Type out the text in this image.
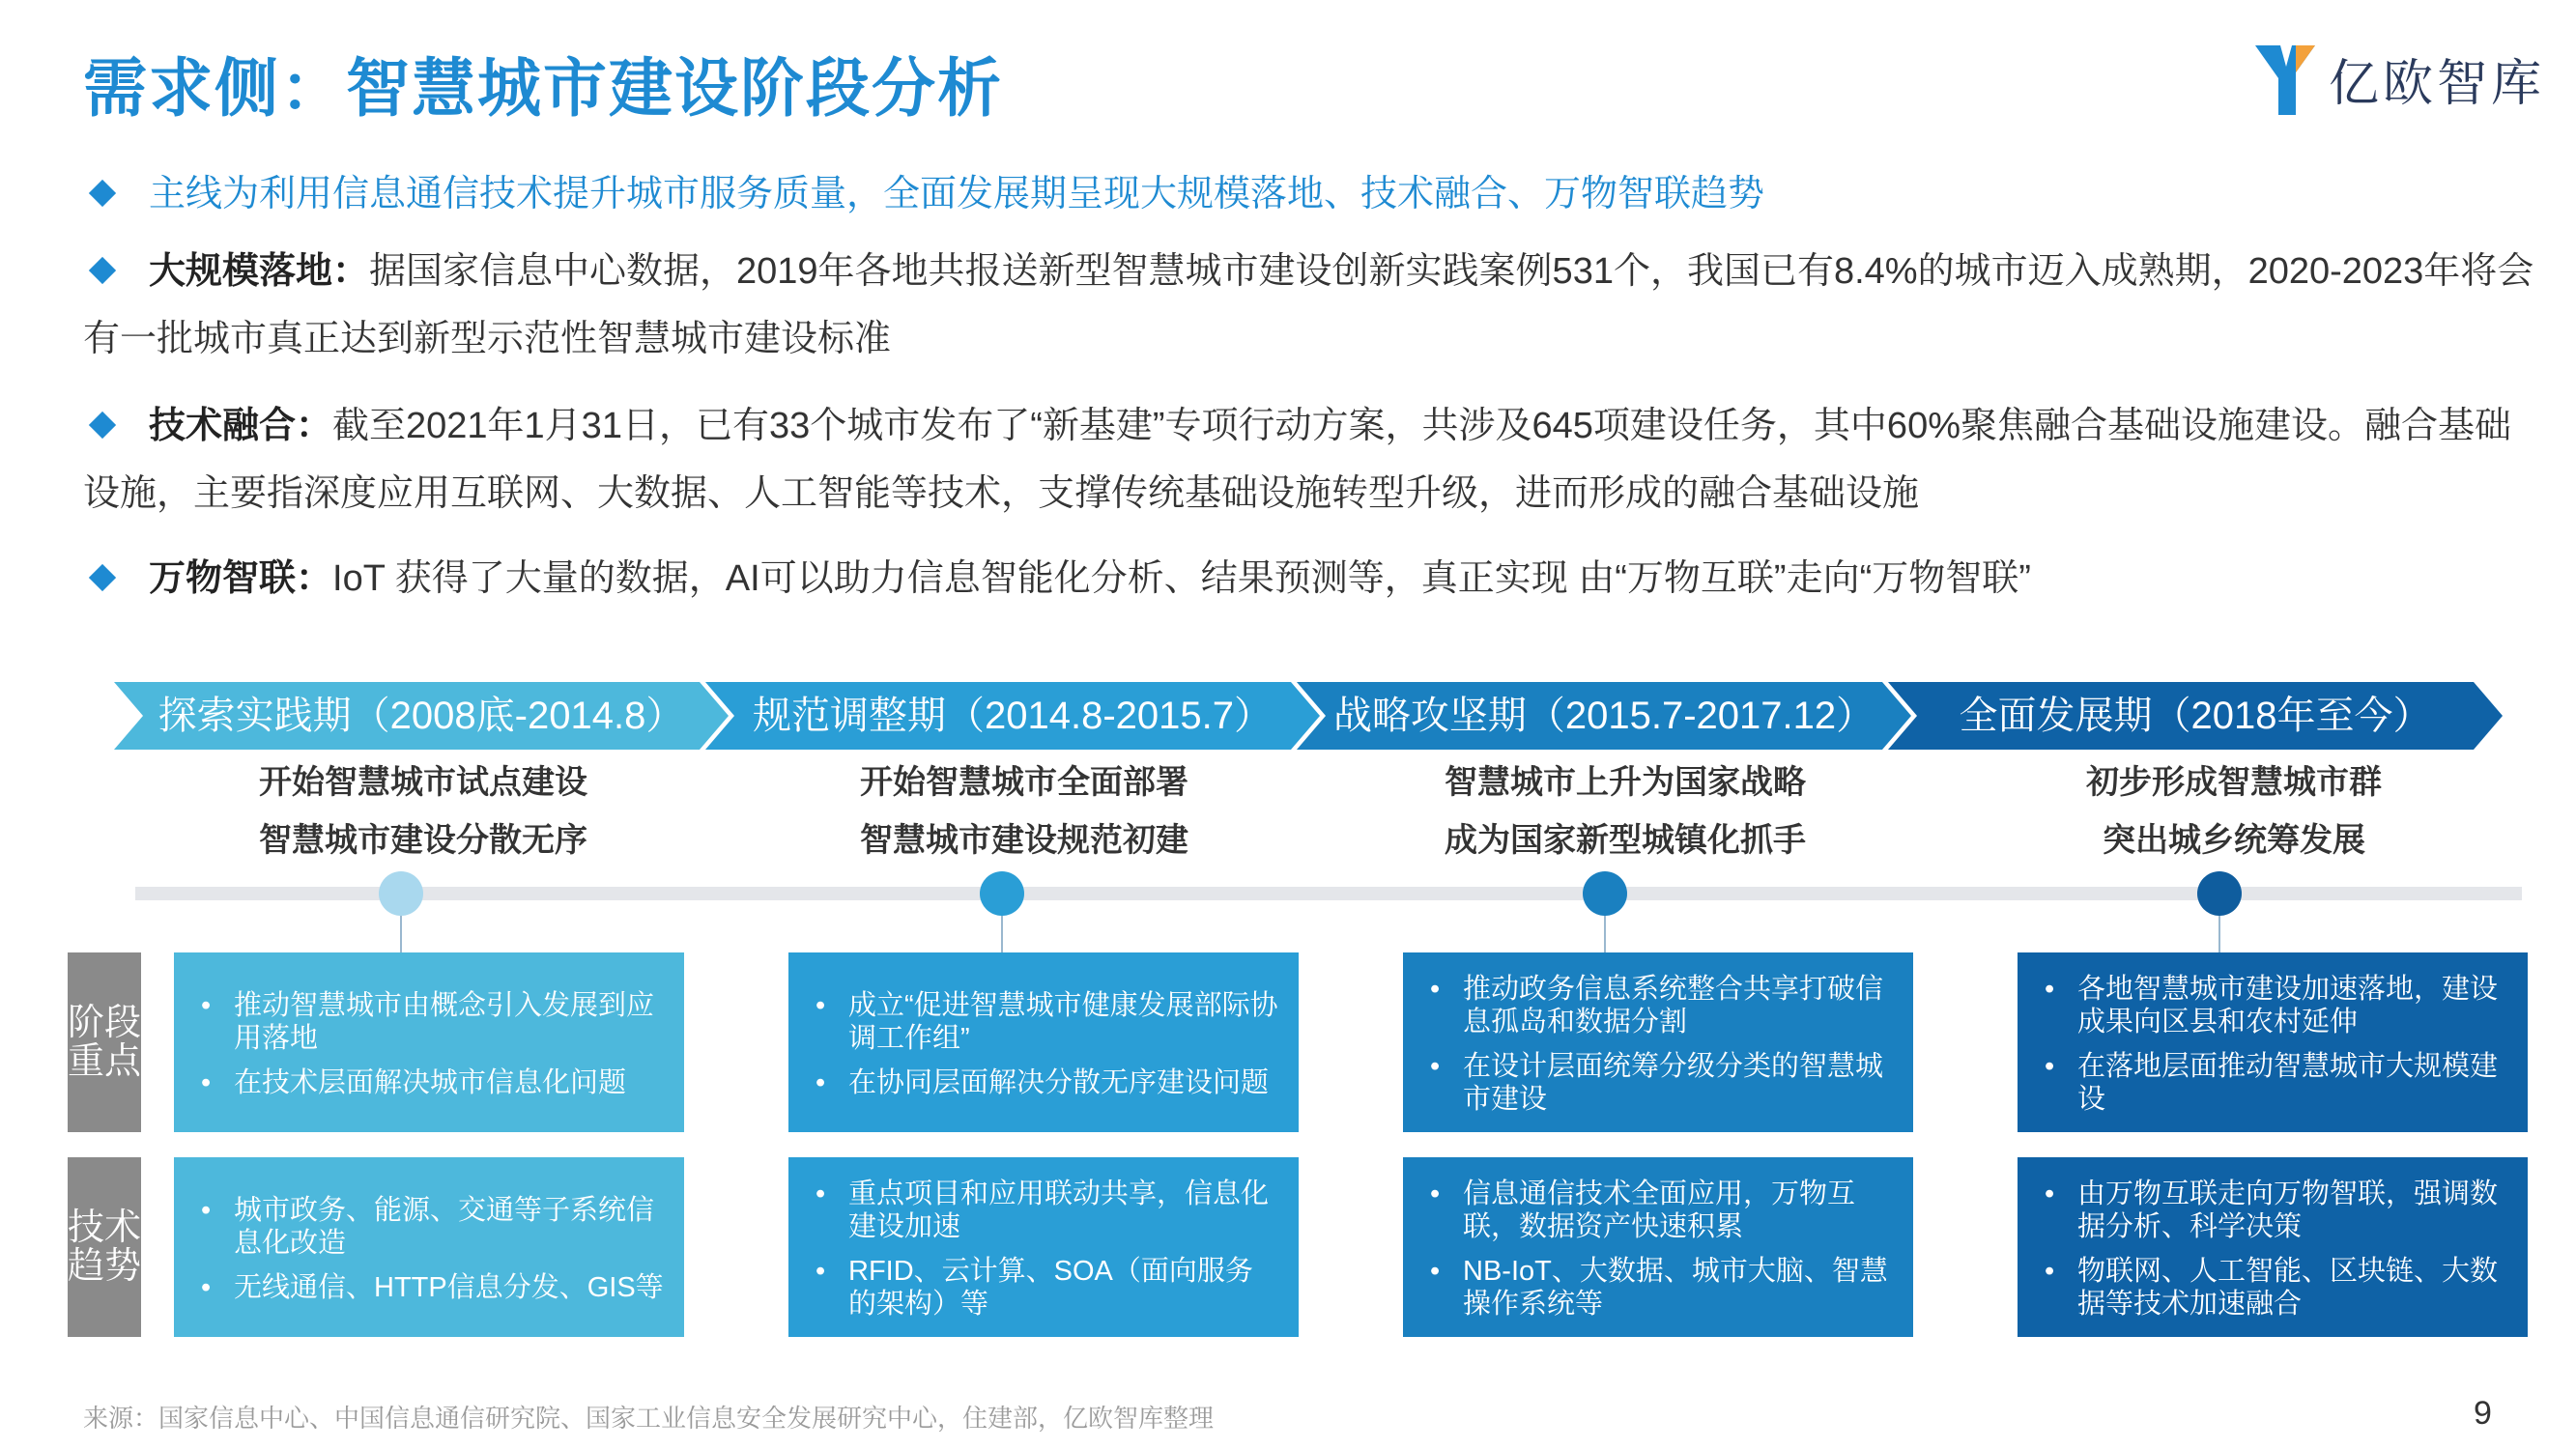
需求侧：智慧城市建设阶段分析	亿欧智库
主线为利用信息通信技术提升城市服务质量，全面发展期呈现大规模落地、技术融合、万物智联趋势
大规模落地：据国家信息中心数据，2019年各地共报送新型智慧城市建设创新实践案例531个，我国已有8.4%的城市迈入成熟期，2020-2023年将会有一批城市真正达到新型示范性智慧城市建设标准
技术融合：截至2021年1月31日，已有33个城市发布了“新基建”专项行动方案，共涉及645项建设任务，其中60%聚焦融合基础设施建设。融合基础设施，主要指深度应用互联网、大数据、人工智能等技术，支撑传统基础设施转型升级，进而形成的融合基础设施
万物智联：IoT 获得了大量的数据，AI可以助力信息智能化分析、结果预测等，真正实现 由“万物互联”走向“万物智联”
探索实践期（2008底-2014.8）	规范调整期（2014.8-2015.7）	战略攻坚期（2015.7-2017.12）	全面发展期（2018年至今）
开始智慧城市试点建设
智慧城市建设分散无序
开始智慧城市全面部署
智慧城市建设规范初建
智慧城市上升为国家战略
成为国家新型城镇化抓手
初步形成智慧城市群
突出城乡统筹发展
阶段重点
技术趋势
• 推动智慧城市由概念引入发展到应用落地
• 在技术层面解决城市信息化问题
• 成立“促进智慧城市健康发展部际协调工作组”
• 在协同层面解决分散无序建设问题
• 推动政务信息系统整合共享打破信息孤岛和数据分割
• 在设计层面统筹分级分类的智慧城市建设
• 各地智慧城市建设加速落地，建设成果向区县和农村延伸
• 在落地层面推动智慧城市大规模建设
• 城市政务、能源、交通等子系统信息化改造
• 无线通信、HTTP信息分发、GIS等
• 重点项目和应用联动共享，信息化建设加速
• RFID、云计算、SOA（面向服务的架构）等
• 信息通信技术全面应用，万物互联，数据资产快速积累
• NB-IoT、大数据、城市大脑、智慧操作系统等
• 由万物互联走向万物智联，强调数据分析、科学决策
• 物联网、人工智能、区块链、大数据等技术加速融合
来源：国家信息中心、中国信息通信研究院、国家工业信息安全发展研究中心，住建部，亿欧智库整理	9
